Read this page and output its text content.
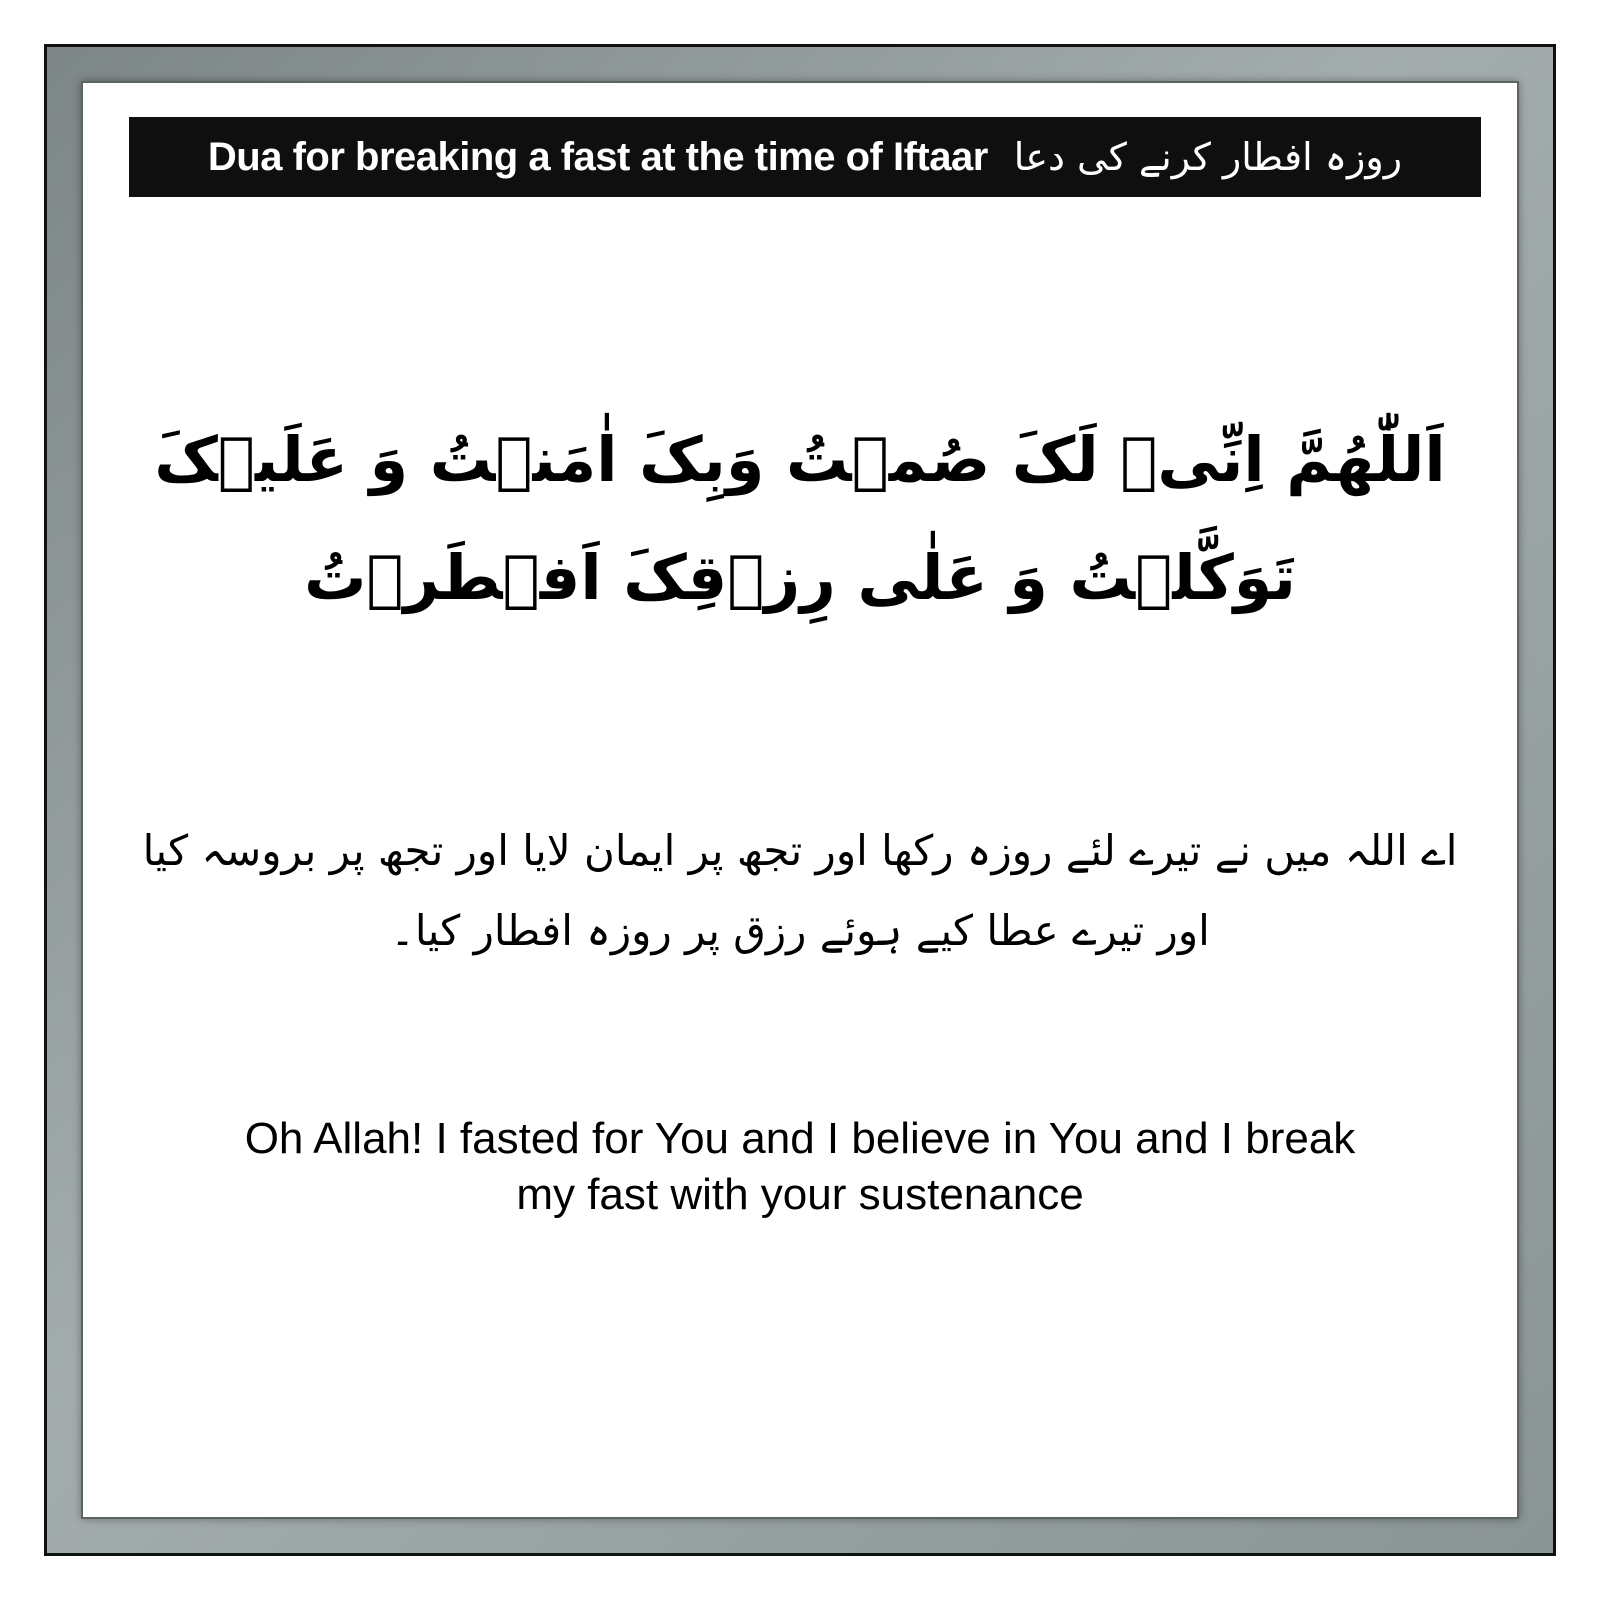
Dua for breaking a fast at the time of Iftaar روزہ افطار کرنے کی دعا
اَللّٰھُمَّ اِنِّیۡ لَکَ صُمۡتُ وَبِکَ اٰمَنۡتُ وَ عَلَیۡکَ
تَوَکَّلۡتُ وَ عَلٰی رِزۡقِکَ اَفۡطَرۡتُ
اے اللہ میں نے تیرے لئے روزہ رکھا اور تجھ پر ایمان لایا اور تجھ پر بروسہ کیا
اور تیرے عطا کیے ہوئے رزق پر روزہ افطار کیا۔
Oh Allah! I fasted for You and I believe in You and I break
my fast with your sustenance
